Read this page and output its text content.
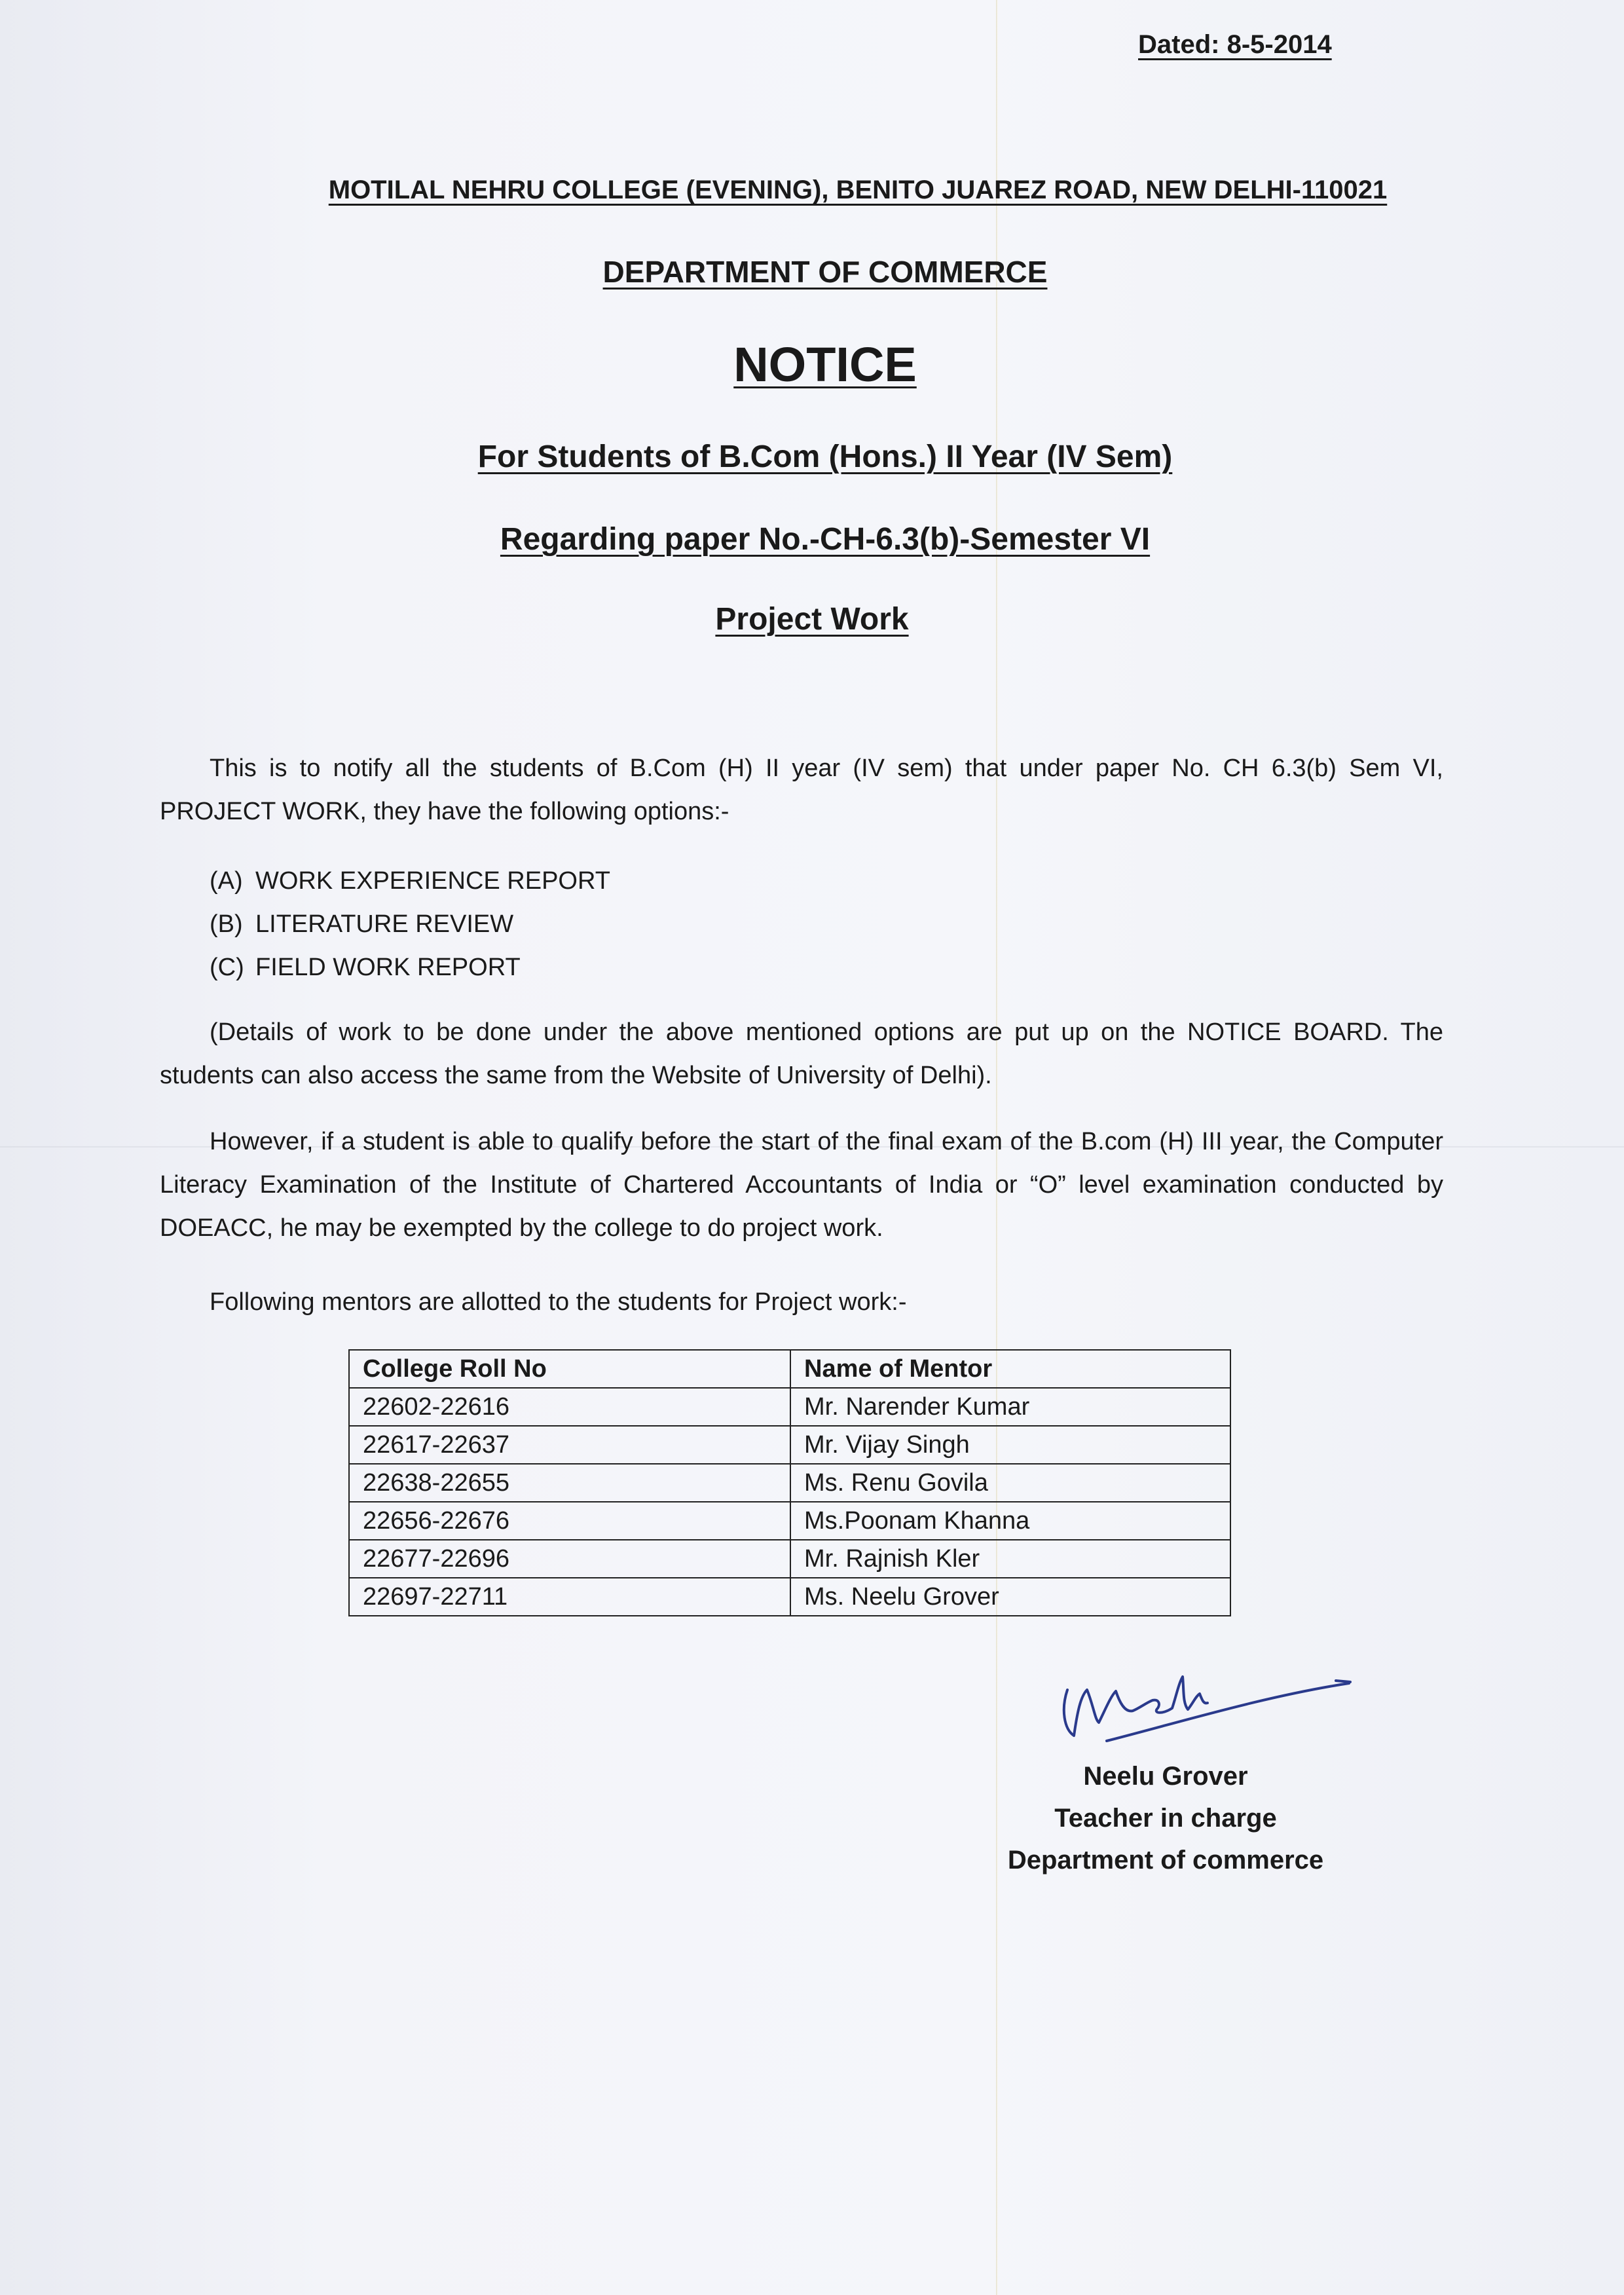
Dated: 8-5-2014
MOTILAL NEHRU COLLEGE (EVENING), BENITO JUAREZ ROAD, NEW DELHI-110021
DEPARTMENT OF COMMERCE
NOTICE
For Students of B.Com (Hons.) II Year (IV Sem)
Regarding paper No.-CH-6.3(b)-Semester VI
Project Work
This is to notify all the students of B.Com (H) II year (IV sem) that under paper No. CH 6.3(b) Sem VI, PROJECT WORK, they have the following options:-
(A) WORK EXPERIENCE REPORT
(B) LITERATURE REVIEW
(C) FIELD WORK REPORT
(Details of work to be done under the above mentioned options are put up on the NOTICE BOARD. The students can also access the same from the Website of University of Delhi).
However, if a student is able to qualify before the start of the final exam of the B.com (H) III year, the Computer Literacy Examination of the Institute of Chartered Accountants of India or “O” level examination conducted by DOEACC, he may be exempted by the college to do project work.
Following mentors are allotted to the students for Project work:-
College Roll No	Name of Mentor
22602-22616	Mr. Narender Kumar
22617-22637	Mr. Vijay Singh
22638-22655	Ms. Renu Govila
22656-22676	Ms.Poonam Khanna
22677-22696	Mr. Rajnish Kler
22697-22711	Ms. Neelu Grover
Neelu Grover
Teacher in charge
Department of commerce
